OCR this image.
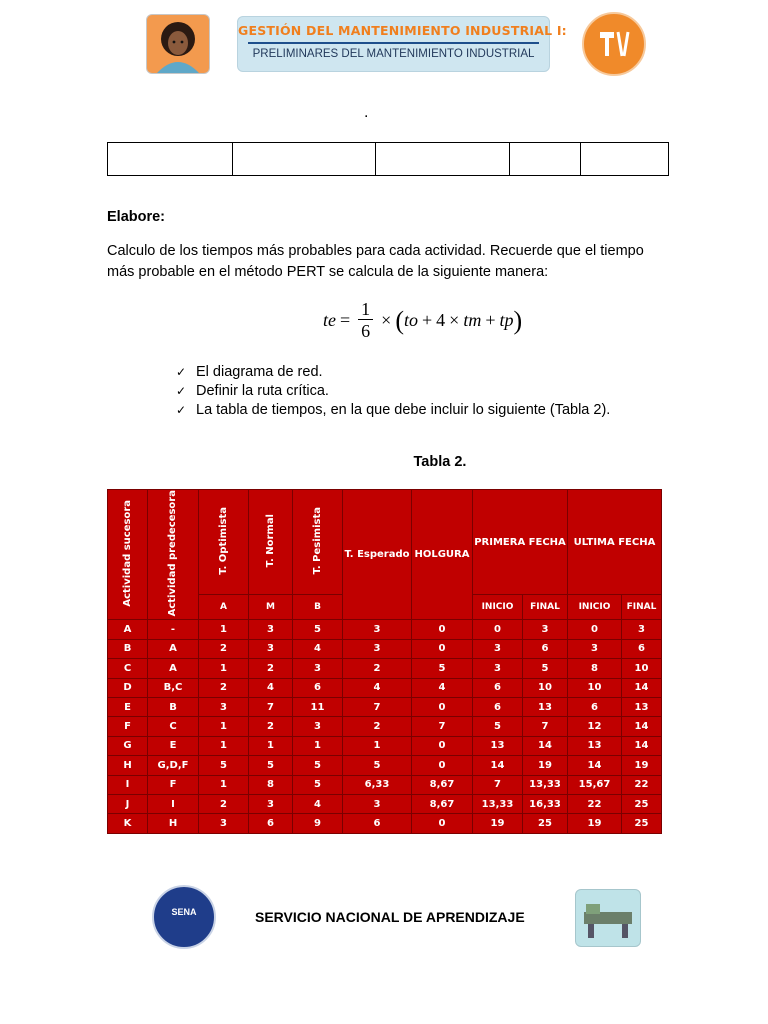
GESTIÓN DEL MANTENIMIENTO INDUSTRIAL I:
PRELIMINARES DEL MANTENIMIENTO INDUSTRIAL
.

Elabore:
Calculo de los tiempos más probables para cada actividad. Recuerde que el tiempo más probable en el método PERT se calcula de la siguiente manera:
te = $\frac{1}{6}$ × ( to + 4 × tm + tp )
✓ El diagrama de red.
✓ Definir la ruta crítica.
✓ La tabla de tiempos, en la que debe incluir lo siguiente (Tabla 2).
Tabla 2.
Actividad sucesora	Actividad predecesora	T. Optimista	T. Normal	T. Pesimista	T. Esperado	HOLGURA	PRIMERA FECHA		ULTIMA FECHA	
		A	M	B			INICIO	FINAL	INICIO	FINAL
A	-	1	3	5	3	0	0	3	0	3
B	A	2	3	4	3	0	3	6	3	6
C	A	1	2	3	2	5	3	5	8	10
D	B,C	2	4	6	4	4	6	10	10	14
E	B	3	7	11	7	0	6	13	6	13
F	C	1	2	3	2	7	5	7	12	14
G	E	1	1	1	1	0	13	14	13	14
H	G,D,F	5	5	5	5	0	14	19	14	19
I	F	1	8	5	6,33	8,67	7	13,33	15,67	22
J	I	2	3	4	3	8,67	13,33	16,33	22	25
K	H	3	6	9	6	0	19	25	19	25
SENA	SERVICIO NACIONAL DE APRENDIZAJE
